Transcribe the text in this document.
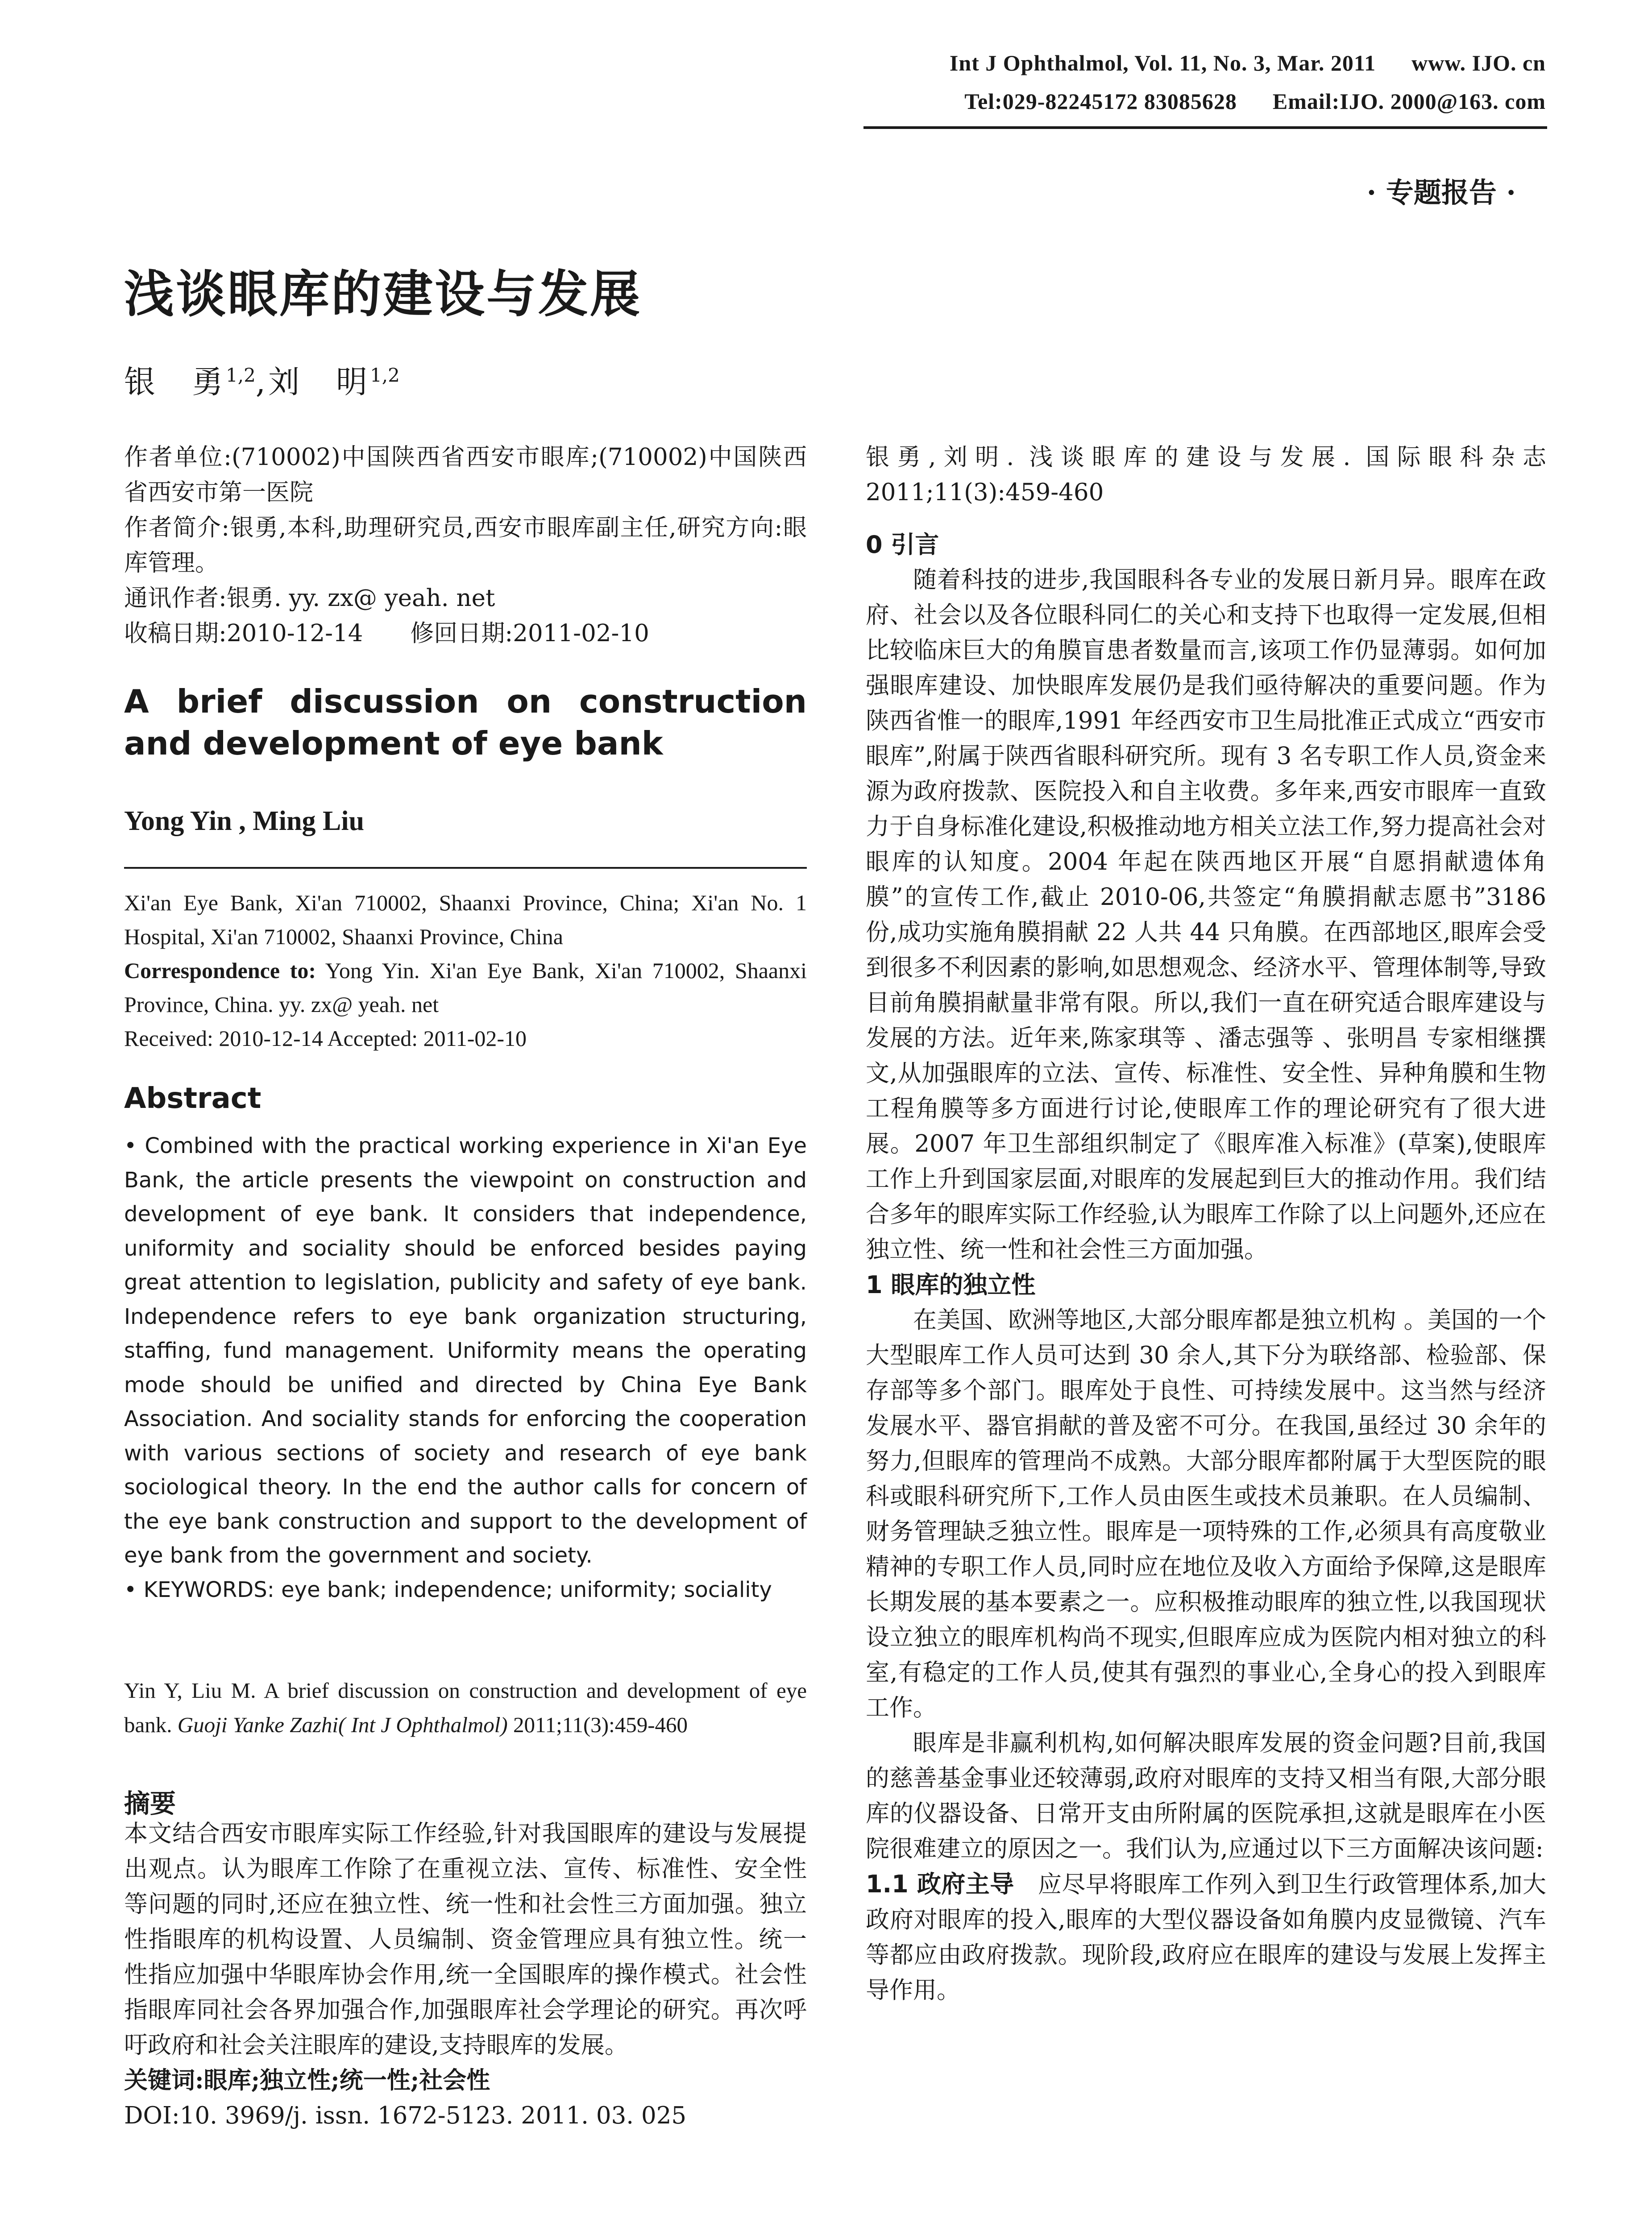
Int J Ophthalmol, Vol. 11, No. 3, Mar. 2011 www. IJO. cn
Tel:029-82245172 83085628 Email:IJO. 2000@163. com
· 专题报告 ·
浅谈眼库的建设与发展
银　勇$^{1,2}$,刘　明$^{1,2}$

作者单位:(710002)中国陕西省西安市眼库;(710002)中国陕西省西安市第一医院

作者简介:银勇,本科,助理研究员,西安市眼库副主任,研究方向:眼库管理。

通讯作者:银勇. yy. zx@ yeah. net

收稿日期:2010-12-14　　修回日期:2011-02-10

A brief discussion on construction and development of eye bank
Yong Yin , Ming Liu

Xi'an Eye Bank, Xi'an 710002, Shaanxi Province, China; Xi'an No. 1 Hospital, Xi'an 710002, Shaanxi Province, China

Correspondence to: Yong Yin. Xi'an Eye Bank, Xi'an 710002, Shaanxi Province, China. yy. zx@ yeah. net

Received: 2010-12-14 Accepted: 2011-02-10

Abstract

• Combined with the practical working experience in Xi'an Eye Bank, the article presents the viewpoint on construction and development of eye bank. It considers that independence, uniformity and sociality should be enforced besides paying great attention to legislation, publicity and safety of eye bank. Independence refers to eye bank organization structuring, staffing, fund management. Uniformity means the operating mode should be unified and directed by China Eye Bank Association. And sociality stands for enforcing the cooperation with various sections of society and research of eye bank sociological theory. In the end the author calls for concern of the eye bank construction and support to the development of eye bank from the government and society.

• KEYWORDS: eye bank; independence; uniformity; sociality

Yin Y, Liu M. A brief discussion on construction and development of eye bank. Guoji Yanke Zazhi( Int J Ophthalmol) 2011;11(3):459-460
摘要

本文结合西安市眼库实际工作经验,针对我国眼库的建设与发展提出观点。认为眼库工作除了在重视立法、宣传、标准性、安全性等问题的同时,还应在独立性、统一性和社会性三方面加强。独立性指眼库的机构设置、人员编制、资金管理应具有独立性。统一性指应加强中华眼库协会作用,统一全国眼库的操作模式。社会性指眼库同社会各界加强合作,加强眼库社会学理论的研究。再次呼吁政府和社会关注眼库的建设,支持眼库的发展。

关键词:眼库;独立性;统一性;社会性

DOI:10. 3969/j. issn. 1672-5123. 2011. 03. 025

银勇,刘明. 浅谈眼库的建设与发展. 国际眼科杂志 2011;11(3):459-460

0 引言

随着科技的进步,我国眼科各专业的发展日新月异。眼库在政府、社会以及各位眼科同仁的关心和支持下也取得一定发展,但相比较临床巨大的角膜盲患者数量而言,该项工作仍显薄弱。如何加强眼库建设、加快眼库发展仍是我们亟待解决的重要问题。作为陕西省惟一的眼库,1991 年经西安市卫生局批准正式成立“西安市眼库”,附属于陕西省眼科研究所。现有 3 名专职工作人员,资金来源为政府拨款、医院投入和自主收费。多年来,西安市眼库一直致力于自身标准化建设,积极推动地方相关立法工作,努力提高社会对眼库的认知度。2004 年起在陕西地区开展“自愿捐献遗体角膜”的宣传工作,截止 2010-06,共签定“角膜捐献志愿书”3186 份,成功实施角膜捐献 22 人共 44 只角膜。在西部地区,眼库会受到很多不利因素的影响,如思想观念、经济水平、管理体制等,导致目前角膜捐献量非常有限。所以,我们一直在研究适合眼库建设与发展的方法。近年来,陈家琪等 、潘志强等 、张明昌 专家相继撰文,从加强眼库的立法、宣传、标准性、安全性、异种角膜和生物工程角膜等多方面进行讨论,使眼库工作的理论研究有了很大进展。2007 年卫生部组织制定了《眼库准入标准》(草案),使眼库工作上升到国家层面,对眼库的发展起到巨大的推动作用。我们结合多年的眼库实际工作经验,认为眼库工作除了以上问题外,还应在独立性、统一性和社会性三方面加强。

1 眼库的独立性

在美国、欧洲等地区,大部分眼库都是独立机构 。美国的一个大型眼库工作人员可达到 30 余人,其下分为联络部、检验部、保存部等多个部门。眼库处于良性、可持续发展中。这当然与经济发展水平、器官捐献的普及密不可分。在我国,虽经过 30 余年的努力,但眼库的管理尚不成熟。大部分眼库都附属于大型医院的眼科或眼科研究所下,工作人员由医生或技术员兼职。在人员编制、财务管理缺乏独立性。眼库是一项特殊的工作,必须具有高度敬业精神的专职工作人员,同时应在地位及收入方面给予保障,这是眼库长期发展的基本要素之一。应积极推动眼库的独立性,以我国现状设立独立的眼库机构尚不现实,但眼库应成为医院内相对独立的科室,有稳定的工作人员,使其有强烈的事业心,全身心的投入到眼库工作。

眼库是非赢利机构,如何解决眼库发展的资金问题?目前,我国的慈善基金事业还较薄弱,政府对眼库的支持又相当有限,大部分眼库的仪器设备、日常开支由所附属的医院承担,这就是眼库在小医院很难建立的原因之一。我们认为,应通过以下三方面解决该问题:

1.1 政府主导　应尽早将眼库工作列入到卫生行政管理体系,加大政府对眼库的投入,眼库的大型仪器设备如角膜内皮显微镜、汽车等都应由政府拨款。现阶段,政府应在眼库的建设与发展上发挥主导作用。
